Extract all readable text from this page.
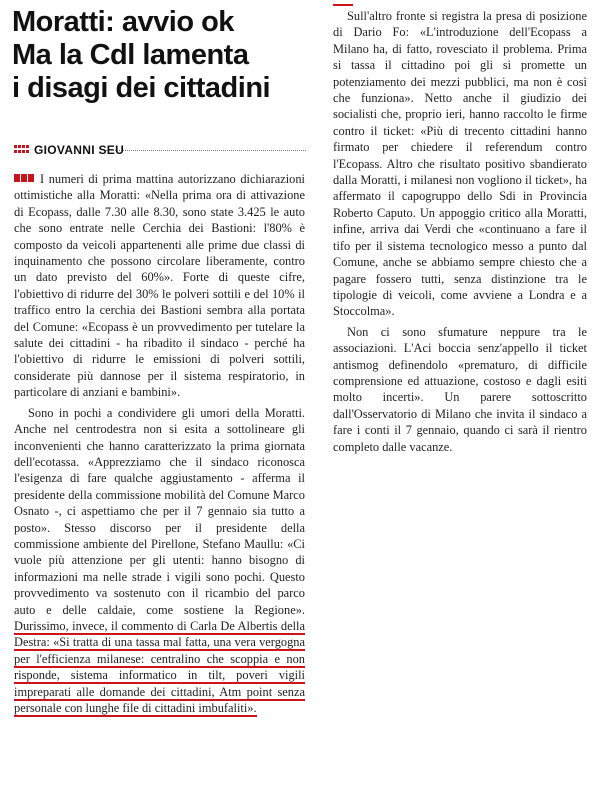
Moratti: avvio ok
Ma la Cdl lamenta
i disagi dei cittadini
GIOVANNI SEU

I numeri di prima mattina autorizzano dichiarazioni ottimistiche alla Moratti: «Nella prima ora di attivazione di Ecopass, dalle 7.30 alle 8.30, sono state 3.425 le auto che sono entrate nelle Cerchia dei Bastioni: l'80% è composto da veicoli appartenenti alle prime due classi di inquinamento che possono circolare liberamente, contro un dato previsto del 60%». Forte di queste cifre, l'obiettivo di ridurre del 30% le polveri sottili e del 10% il traffico entro la cerchia dei Bastioni sembra alla portata del Comune: «Ecopass è un provvedimento per tutelare la salute dei cittadini - ha ribadito il sindaco - perché ha l'obiettivo di ridurre le emissioni di polveri sottili, considerate più dannose per il sistema respiratorio, in particolare di anziani e bambini».

Sono in pochi a condividere gli umori della Moratti. Anche nel centrodestra non si esita a sottolineare gli inconvenienti che hanno caratterizzato la prima giornata dell'ecotassa. «Apprezziamo che il sindaco riconosca l'esigenza di fare qualche aggiustamento - afferma il presidente della commissione mobilità del Comune Marco Osnato -, ci aspettiamo che per il 7 gennaio sia tutto a posto». Stesso discorso per il presidente della commissione ambiente del Pirellone, Stefano Maullu: «Ci vuole più attenzione per gli utenti: hanno bisogno di informazioni ma nelle strade i vigili sono pochi. Questo provvedimento va sostenuto con il ricambio del parco auto e delle caldaie, come sostiene la Regione». Durissimo, invece, il commento di Carla De Albertis della Destra: «Si tratta di una tassa mal fatta, una vera vergogna per l'efficienza milanese: centralino che scoppia e non risponde, sistema informatico in tilt, poveri vigili impreparati alle domande dei cittadini, Atm point senza personale con lunghe file di cittadini imbufaliti».

Sull'altro fronte si registra la presa di posizione di Dario Fo: «L'introduzione dell'Ecopass a Milano ha, di fatto, rovesciato il problema. Prima si tassa il cittadino poi gli si promette un potenziamento dei mezzi pubblici, ma non è così che funziona». Netto anche il giudizio dei socialisti che, proprio ieri, hanno raccolto le firme contro il ticket: «Più di trecento cittadini hanno firmato per chiedere il referendum contro l'Ecopass. Altro che risultato positivo sbandierato dalla Moratti, i milanesi non vogliono il ticket», ha affermato il capogruppo dello Sdi in Provincia Roberto Caputo. Un appoggio critico alla Moratti, infine, arriva dai Verdi che «continuano a fare il tifo per il sistema tecnologico messo a punto dal Comune, anche se abbiamo sempre chiesto che a pagare fossero tutti, senza distinzione tra le tipologie di veicoli, come avviene a Londra e a Stoccolma».

Non ci sono sfumature neppure tra le associazioni. L'Aci boccia senz'appello il ticket antismog definendolo «prematuro, di difficile comprensione ed attuazione, costoso e dagli esiti molto incerti». Un parere sottoscritto dall'Osservatorio di Milano che invita il sindaco a fare i conti il 7 gennaio, quando ci sarà il rientro completo dalle vacanze.
